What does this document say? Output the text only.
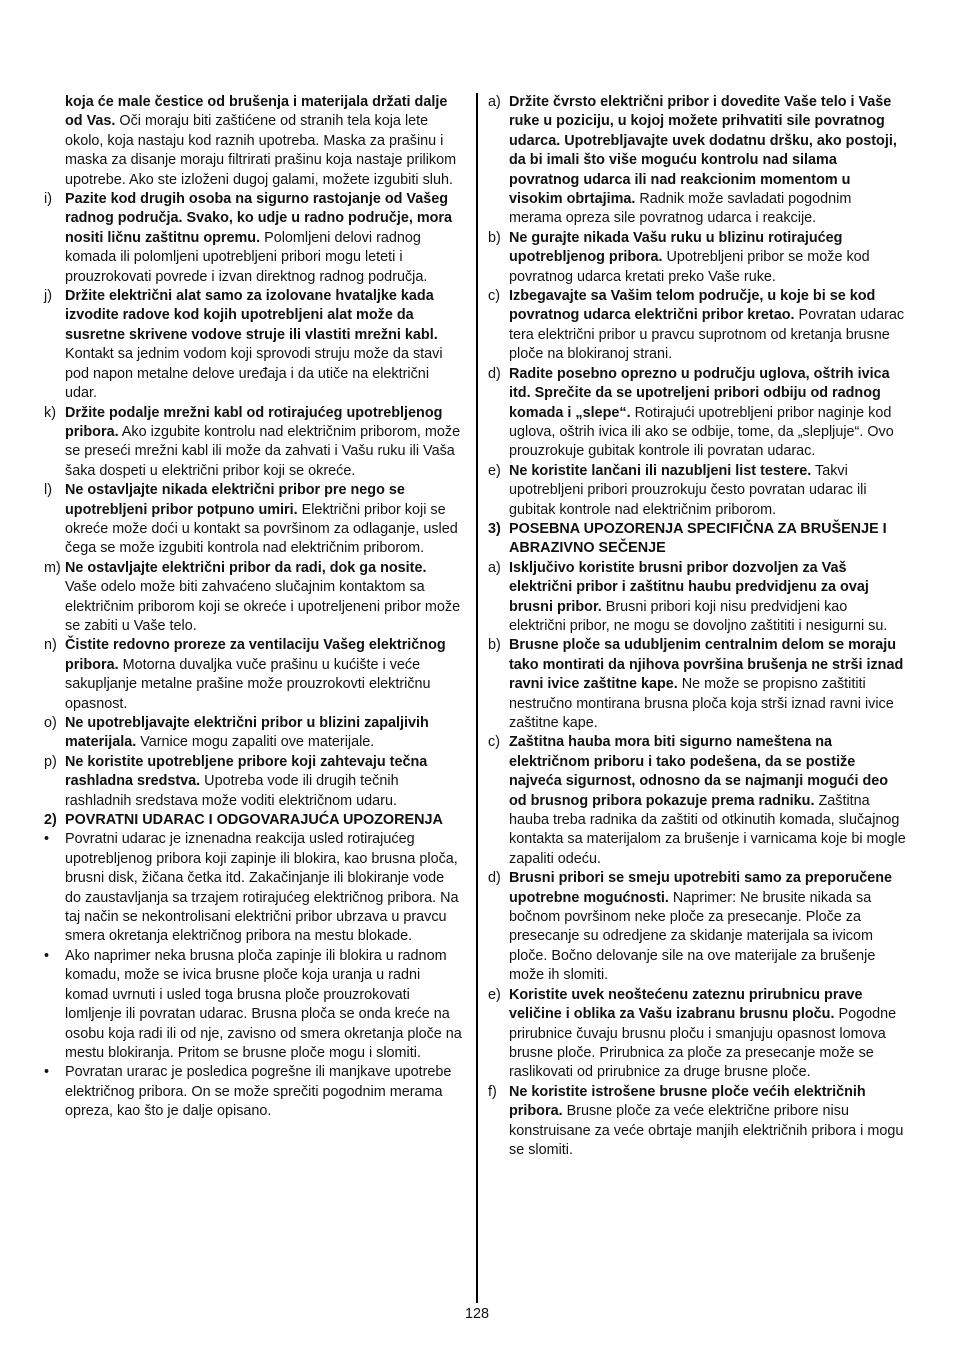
koja će male čestice od brušenja i materijala držati dalje od Vas. Oči moraju biti zaštićene od stranih tela koja lete okolo, koja nastaju kod raznih upotreba. Maska za prašinu i maska za disanje moraju filtrirati prašinu koja nastaje prilikom upotrebe. Ako ste izloženi dugoj galami, možete izgubiti sluh.
i) Pazite kod drugih osoba na sigurno rastojanje od Vašeg radnog područja. Svako, ko udje u radno područje, mora nositi ličnu zaštitnu opremu. Polomljeni delovi radnog komada ili polomljeni upotrebljeni pribori mogu leteti i prouzrokovati povrede i izvan direktnog radnog područja.
j) Držite električni alat samo za izolovane hvataljke kada izvodite radove kod kojih upotrebljeni alat može da susretne skrivene vodove struje ili vlastiti mrežni kabl. Kontakt sa jednim vodom koji sprovodi struju može da stavi pod napon metalne delove uređaja i da utiče na električni udar.
k) Držite podalje mrežni kabl od rotirajućeg upotrebljenog pribora. Ako izgubite kontrolu nad električnim priborom, može se preseći mrežni kabl ili može da zahvati i Vašu ruku ili Vaša šaka dospeti u električni pribor koji se okreće.
l) Ne ostavljajte nikada električni pribor pre nego se upotrebljeni pribor potpuno umiri. Električni pribor koji se okreće može doći u kontakt sa površinom za odlaganje, usled čega se može izgubiti kontrola nad električnim priborom.
m) Ne ostavljajte električni pribor da radi, dok ga nosite. Vaše odelo može biti zahvaćeno slučajnim kontaktom sa električnim priborom koji se okreće i upotreljeneni pribor može se zabiti u Vaše telo.
n) Čistite redovno proreze za ventilaciju Vašeg električnog pribora. Motorna duvaljka vuče prašinu u kućište i veće sakupljanje metalne prašine može prouzrokovti električnu opasnost.
o) Ne upotrebljavajte električni pribor u blizini zapaljivih materijala. Varnice mogu zapaliti ove materijale.
p) Ne koristite upotrebljene pribore koji zahtevaju tečna rashladna sredstva. Upotreba vode ili drugih tečnih rashladnih sredstava može voditi električnom udaru.
2) POVRATNI UDARAC I ODGOVARAJUĆA UPOZORENJA
•	Povratni udarac je iznenadna reakcija usled rotirajućeg upotrebljenog pribora koji zapinje ili blokira, kao brusna ploča, brusni disk, žičana četka itd. Zakačinjanje ili blokiranje vode do zaustavljanja sa trzajem rotirajućeg električnog pribora. Na taj način se nekontrolisani električni pribor ubrzava u pravcu smera okretanja električnog pribora na mestu blokade.
•	Ako naprimer neka brusna ploča zapinje ili blokira u radnom komadu, može se ivica brusne ploče koja uranja u radni komad uvrnuti i usled toga brusna ploče prouzrokovati lomljenje ili povratan udarac. Brusna ploča se onda kreće na osobu koja radi ili od nje, zavisno od smera okretanja ploče na mestu blokiranja. Pritom se brusne ploče mogu i slomiti.
•	Povratan urarac je posledica pogrešne ili manjkave upotrebe električnog pribora. On se može sprečiti pogodnim merama opreza, kao što je dalje opisano.
a) Držite čvrsto električni pribor i dovedite Vaše telo i Vaše ruke u poziciju, u kojoj možete prihvatiti sile povratnog udarca. Upotrebljavajte uvek dodatnu dršku, ako postoji, da bi imali što više moguću kontrolu nad silama povratnog udarca ili nad reakcionim momentom u visokim obrtajima. Radnik može savladati pogodnim merama opreza sile povratnog udarca i reakcije.
b) Ne gurajte nikada Vašu ruku u blizinu rotirajućeg upotrebljenog pribora. Upotrebljeni pribor se može kod povratnog udarca kretati preko Vaše ruke.
c) Izbegavajte sa Vašim telom područje, u koje bi se kod povratnog udarca električni pribor kretao. Povratan udarac tera električni pribor u pravcu suprotnom od kretanja brusne ploče na blokiranoj strani.
d) Radite posebno oprezno u području uglova, oštrih ivica itd. Sprečite da se upotreljeni pribori odbiju od radnog komada i „slepe“. Rotirajući upotrebljeni pribor naginje kod uglova, oštrih ivica ili ako se odbije, tome, da „slepljuje“. Ovo prouzrokuje gubitak kontrole ili povratan udarac.
e) Ne koristite lančani ili nazubljeni list testere. Takvi upotrebljeni pribori prouzrokuju često povratan udarac ili gubitak kontrole nad električnim priborom.
3) POSEBNA UPOZORENJA SPECIFIČNA ZA BRUŠENJE I ABRAZIVNO SEČENJE
a) Isključivo koristite brusni pribor dozvoljen za Vaš električni pribor i zaštitnu haubu predvidjenu za ovaj brusni pribor. Brusni pribori koji nisu predvidjeni kao električni pribor, ne mogu se dovoljno zaštititi i nesigurni su.
b) Brusne ploče sa udubljenim centralnim delom se moraju tako montirati da njihova površina brušenja ne strši iznad ravni ivice zaštitne kape. Ne može se propisno zaštititi nestručno montirana brusna ploča koja strši iznad ravni ivice zaštitne kape.
c) Zaštitna hauba mora biti sigurno nameštena na električnom priboru i tako podešena, da se postiže najveća sigurnost, odnosno da se najmanji mogući deo od brusnog pribora pokazuje prema radniku. Zaštitna hauba treba radnika da zaštiti od otkinutih komada, slučajnog kontakta sa materijalom za brušenje i varnicama koje bi mogle zapaliti odeću.
d) Brusni pribori se smeju upotrebiti samo za preporučene upotrebne mogućnosti. Naprimer: Ne brusite nikada sa bočnom površinom neke ploče za presecanje. Ploče za presecanje su odredjene za skidanje materijala sa ivicom ploče. Bočno delovanje sile na ove materijale za brušenje može ih slomiti.
e) Koristite uvek neoštećenu zateznu prirubnicu prave veličine i oblika za Vašu izabranu brusnu ploču. Pogodne prirubnice čuvaju brusnu ploču i smanjuju opasnost lomova brusne ploče. Prirubnica za ploče za presecanje može se raslikovati od prirubnice za druge brusne ploče.
f) Ne koristite istrošene brusne ploče većih električnih pribora. Brusne ploče za veće električne pribore nisu konstruisane za veće obrtaje manjih električnih pribora i mogu se slomiti.
128
